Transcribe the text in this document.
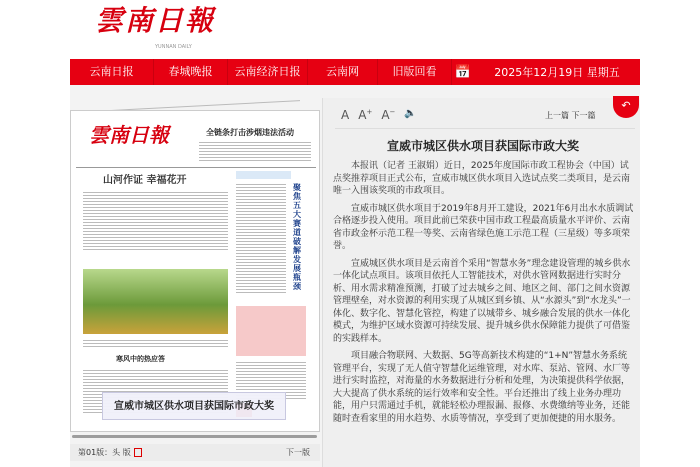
雲南日報
YUNNAN DAILY
云南日报	春城晚报	云南经济日报	云南网	旧版回看	📅	2025年12月19日 星期五
雲南日報	全链条打击涉烟违法活动
山河作证 幸福花开
聚焦五大赛道 破解发展瓶颈
寒风中的热应答
第01版：头 版	下一版
A A+ A− 🔈	上一篇 下一篇
↶
宣威市城区供水项目获国际市政大奖

本报讯（记者 王淑娟）近日，2025年度国际市政工程协会（中国）试点奖推荐项目正式公布，宣威市城区供水项目入选试点奖二类项目，是云南唯一入围该奖项的市政项目。

宣威市城区供水项目于2019年8月开工建设，2021年6月出水水质调试合格逐步投入使用。项目此前已荣获中国市政工程最高质量水平评价、云南省市政金杯示范工程一等奖、云南省绿色施工示范工程（三星级）等多项荣誉。

宣威城区供水项目是云南首个采用“智慧水务”理念建设管理的城乡供水一体化试点项目。该项目依托人工智能技术，对供水管网数据进行实时分析、用水需求精准预测，打破了过去城乡之间、地区之间、部门之间水资源管理壁垒，对水资源的利用实现了从城区到乡镇、从“水源头”到“水龙头”一体化、数字化、智慧化管控，构建了以城带乡、城乡融合发展的供水一体化模式，为维护区域水资源可持续发展、提升城乡供水保障能力提供了可借鉴的实践样本。

项目融合物联网、大数据、5G等高新技术构建的“1+N”智慧水务系统管理平台，实现了无人值守智慧化运维管理，对水库、泵站、管网、水厂等进行实时监控，对海量的水务数据进行分析和处理，为决策提供科学依据，大大提高了供水系统的运行效率和安全性。平台还推出了线上业务办理功能，用户只需通过手机，就能轻松办理报漏、报修、水费缴纳等业务，还能随时查看家里的用水趋势、水质等情况，享受到了更加便捷的用水服务。

宣威市城区供水项目获国际市政大奖
